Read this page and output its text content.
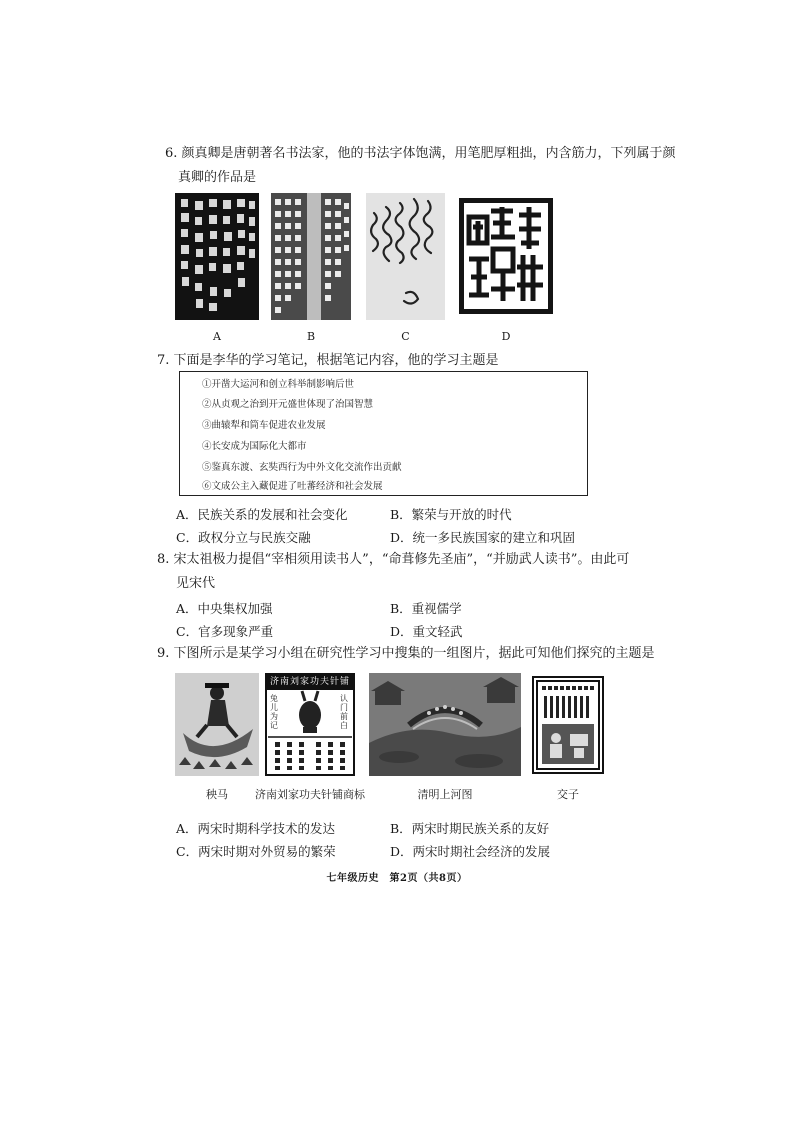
6. 颜真卿是唐朝著名书法家，他的书法字体饱满，用笔肥厚粗拙，内含筋力，下列属于颜
真卿的作品是
A	B	C	D
7. 下面是李华的学习笔记，根据笔记内容，他的学习主题是
①开凿大运河和创立科举制影响后世
②从贞观之治到开元盛世体现了治国智慧
③曲辕犁和筒车促进农业发展
④长安成为国际化大都市
⑤鉴真东渡、玄奘西行为中外文化交流作出贡献
⑥文成公主入藏促进了吐蕃经济和社会发展
A．民族关系的发展和社会变化	B．繁荣与开放的时代
C．政权分立与民族交融	D．统一多民族国家的建立和巩固
8. 宋太祖极力提倡“宰相须用读书人”，“命葺修先圣庙”，“并励武人读书”。由此可
见宋代
A．中央集权加强	B．重视儒学
C．官多现象严重	D．重文轻武
9. 下图所示是某学习小组在研究性学习中搜集的一组图片，据此可知他们探究的主题是
秧马
济南刘家功夫针铺
兔儿为记
认门前白
济南刘家功夫针铺商标	清明上河图	交子
A．两宋时期科学技术的发达	B．两宋时期民族关系的友好
C．两宋时期对外贸易的繁荣	D．两宋时期社会经济的发展
七年级历史　第2页（共8页）
